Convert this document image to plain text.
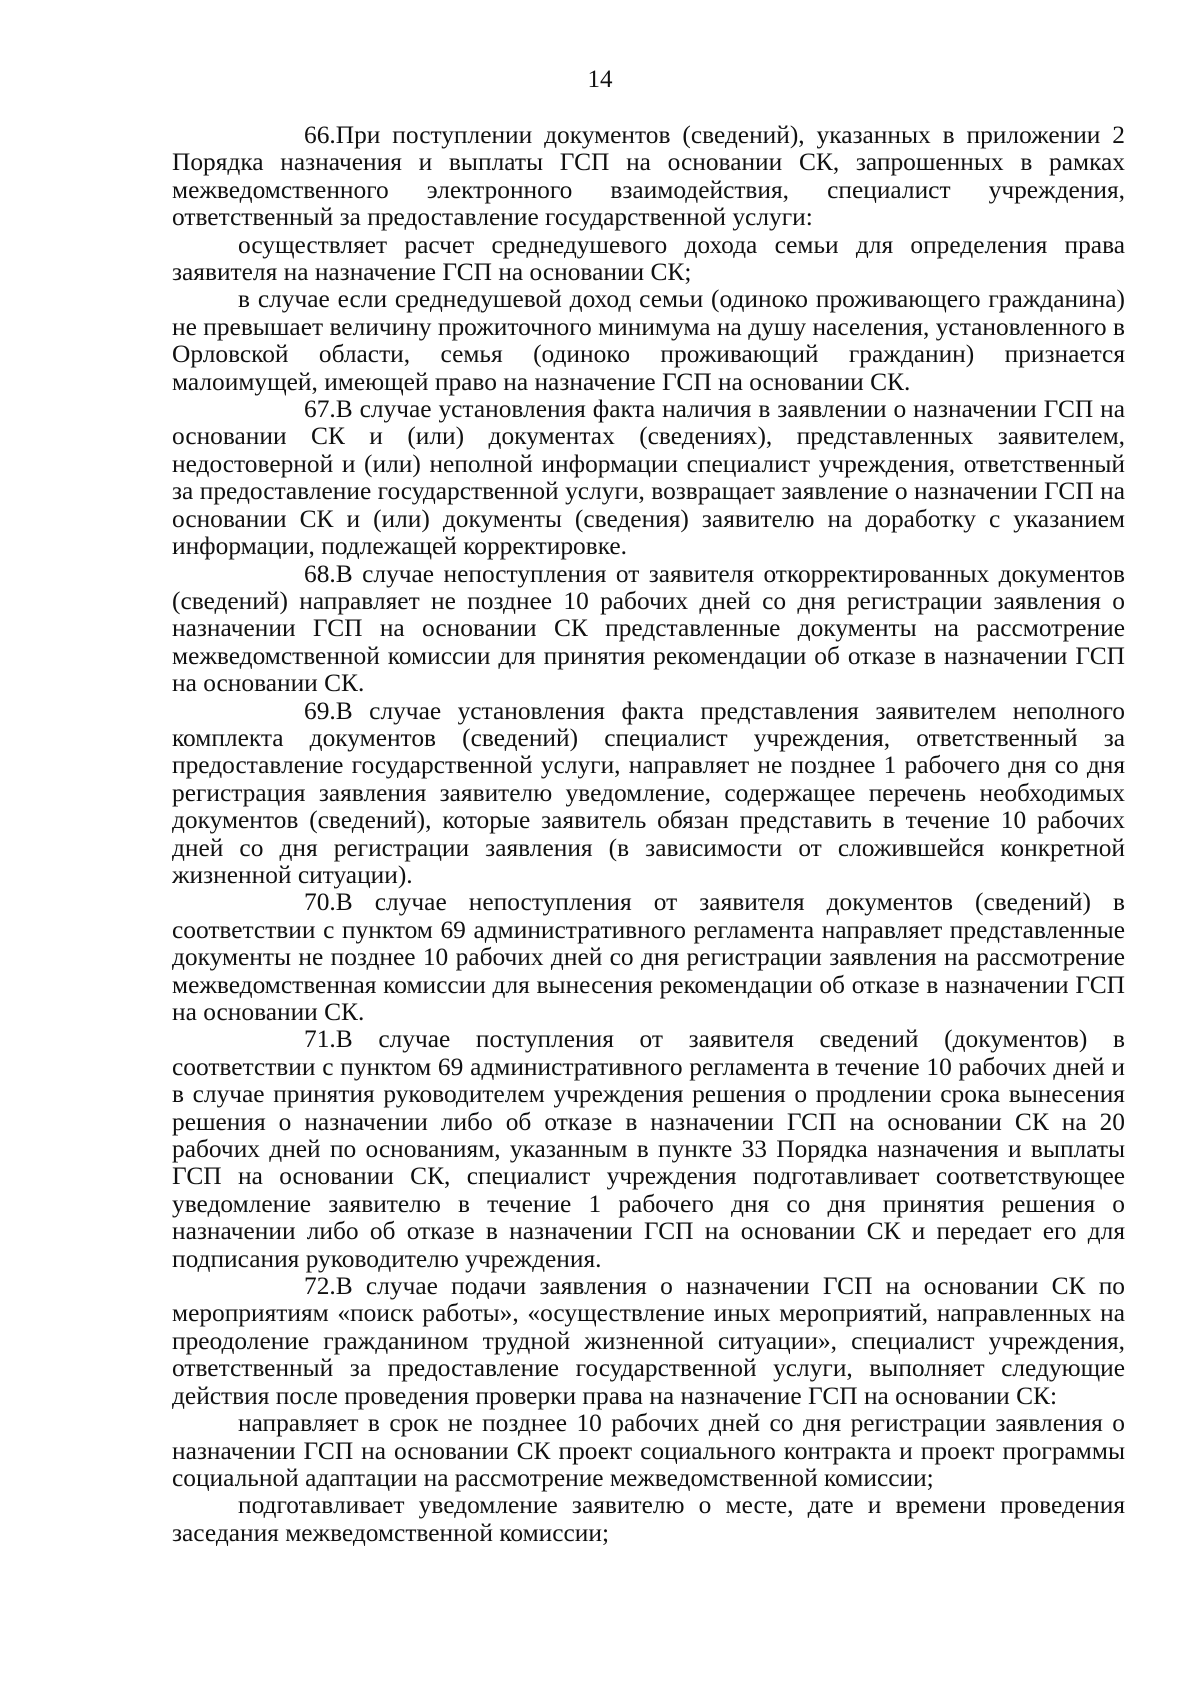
14

66.При поступлении документов (сведений), указанных в приложении 2 Порядка назначения и выплаты ГСП на основании СК, запрошенных в рамках межведомственного электронного взаимодействия, специалист учреждения, ответственный за предоставление государственной услуги:

осуществляет расчет среднедушевого дохода семьи для определения права заявителя на назначение ГСП на основании СК;

в случае если среднедушевой доход семьи (одиноко проживающего гражданина) не превышает величину прожиточного минимума на душу населения, установленного в Орловской области, семья (одиноко проживающий гражданин) признается малоимущей, имеющей право на назначение ГСП на основании СК.

67.В случае установления факта наличия в заявлении о назначении ГСП на основании СК и (или) документах (сведениях), представленных заявителем, недостоверной и (или) неполной информации специалист учреждения, ответственный за предоставление государственной услуги, возвращает заявление о назначении ГСП на основании СК и (или) документы (сведения) заявителю на доработку с указанием информации, подлежащей корректировке.

68.В случае непоступления от заявителя откорректированных документов (сведений) направляет не позднее 10 рабочих дней со дня регистрации заявления о назначении ГСП на основании СК представленные документы на рассмотрение межведомственной комиссии для принятия рекомендации об отказе в назначении ГСП на основании СК.

69.В случае установления факта представления заявителем неполного комплекта документов (сведений) специалист учреждения, ответственный за предоставление государственной услуги, направляет не позднее 1 рабочего дня со дня регистрация заявления заявителю уведомление, содержащее перечень необходимых документов (сведений), которые заявитель обязан представить в течение 10 рабочих дней со дня регистрации заявления (в зависимости от сложившейся конкретной жизненной ситуации).

70.В случае непоступления от заявителя документов (сведений) в соответствии с пунктом 69 административного регламента направляет представленные документы не позднее 10 рабочих дней со дня регистрации заявления на рассмотрение межведомственная комиссии для вынесения рекомендации об отказе в назначении ГСП на основании СК.

71.В случае поступления от заявителя сведений (документов) в соответствии с пунктом 69 административного регламента в течение 10 рабочих дней и в случае принятия руководителем учреждения решения о продлении срока вынесения решения о назначении либо об отказе в назначении ГСП на основании СК на 20 рабочих дней по основаниям, указанным в пункте 33 Порядка назначения и выплаты ГСП на основании СК, специалист учреждения подготавливает соответствующее уведомление заявителю в течение 1 рабочего дня со дня принятия решения о назначении либо об отказе в назначении ГСП на основании СК и передает его для подписания руководителю учреждения.

72.В случае подачи заявления о назначении ГСП на основании СК по мероприятиям «поиск работы», «осуществление иных мероприятий, направленных на преодоление гражданином трудной жизненной ситуации», специалист учреждения, ответственный за предоставление государственной услуги, выполняет следующие действия после проведения проверки права на назначение ГСП на основании СК:

направляет в срок не позднее 10 рабочих дней со дня регистрации заявления о назначении ГСП на основании СК проект социального контракта и проект программы социальной адаптации на рассмотрение межведомственной комиссии;

подготавливает уведомление заявителю о месте, дате и времени проведения заседания межведомственной комиссии;
